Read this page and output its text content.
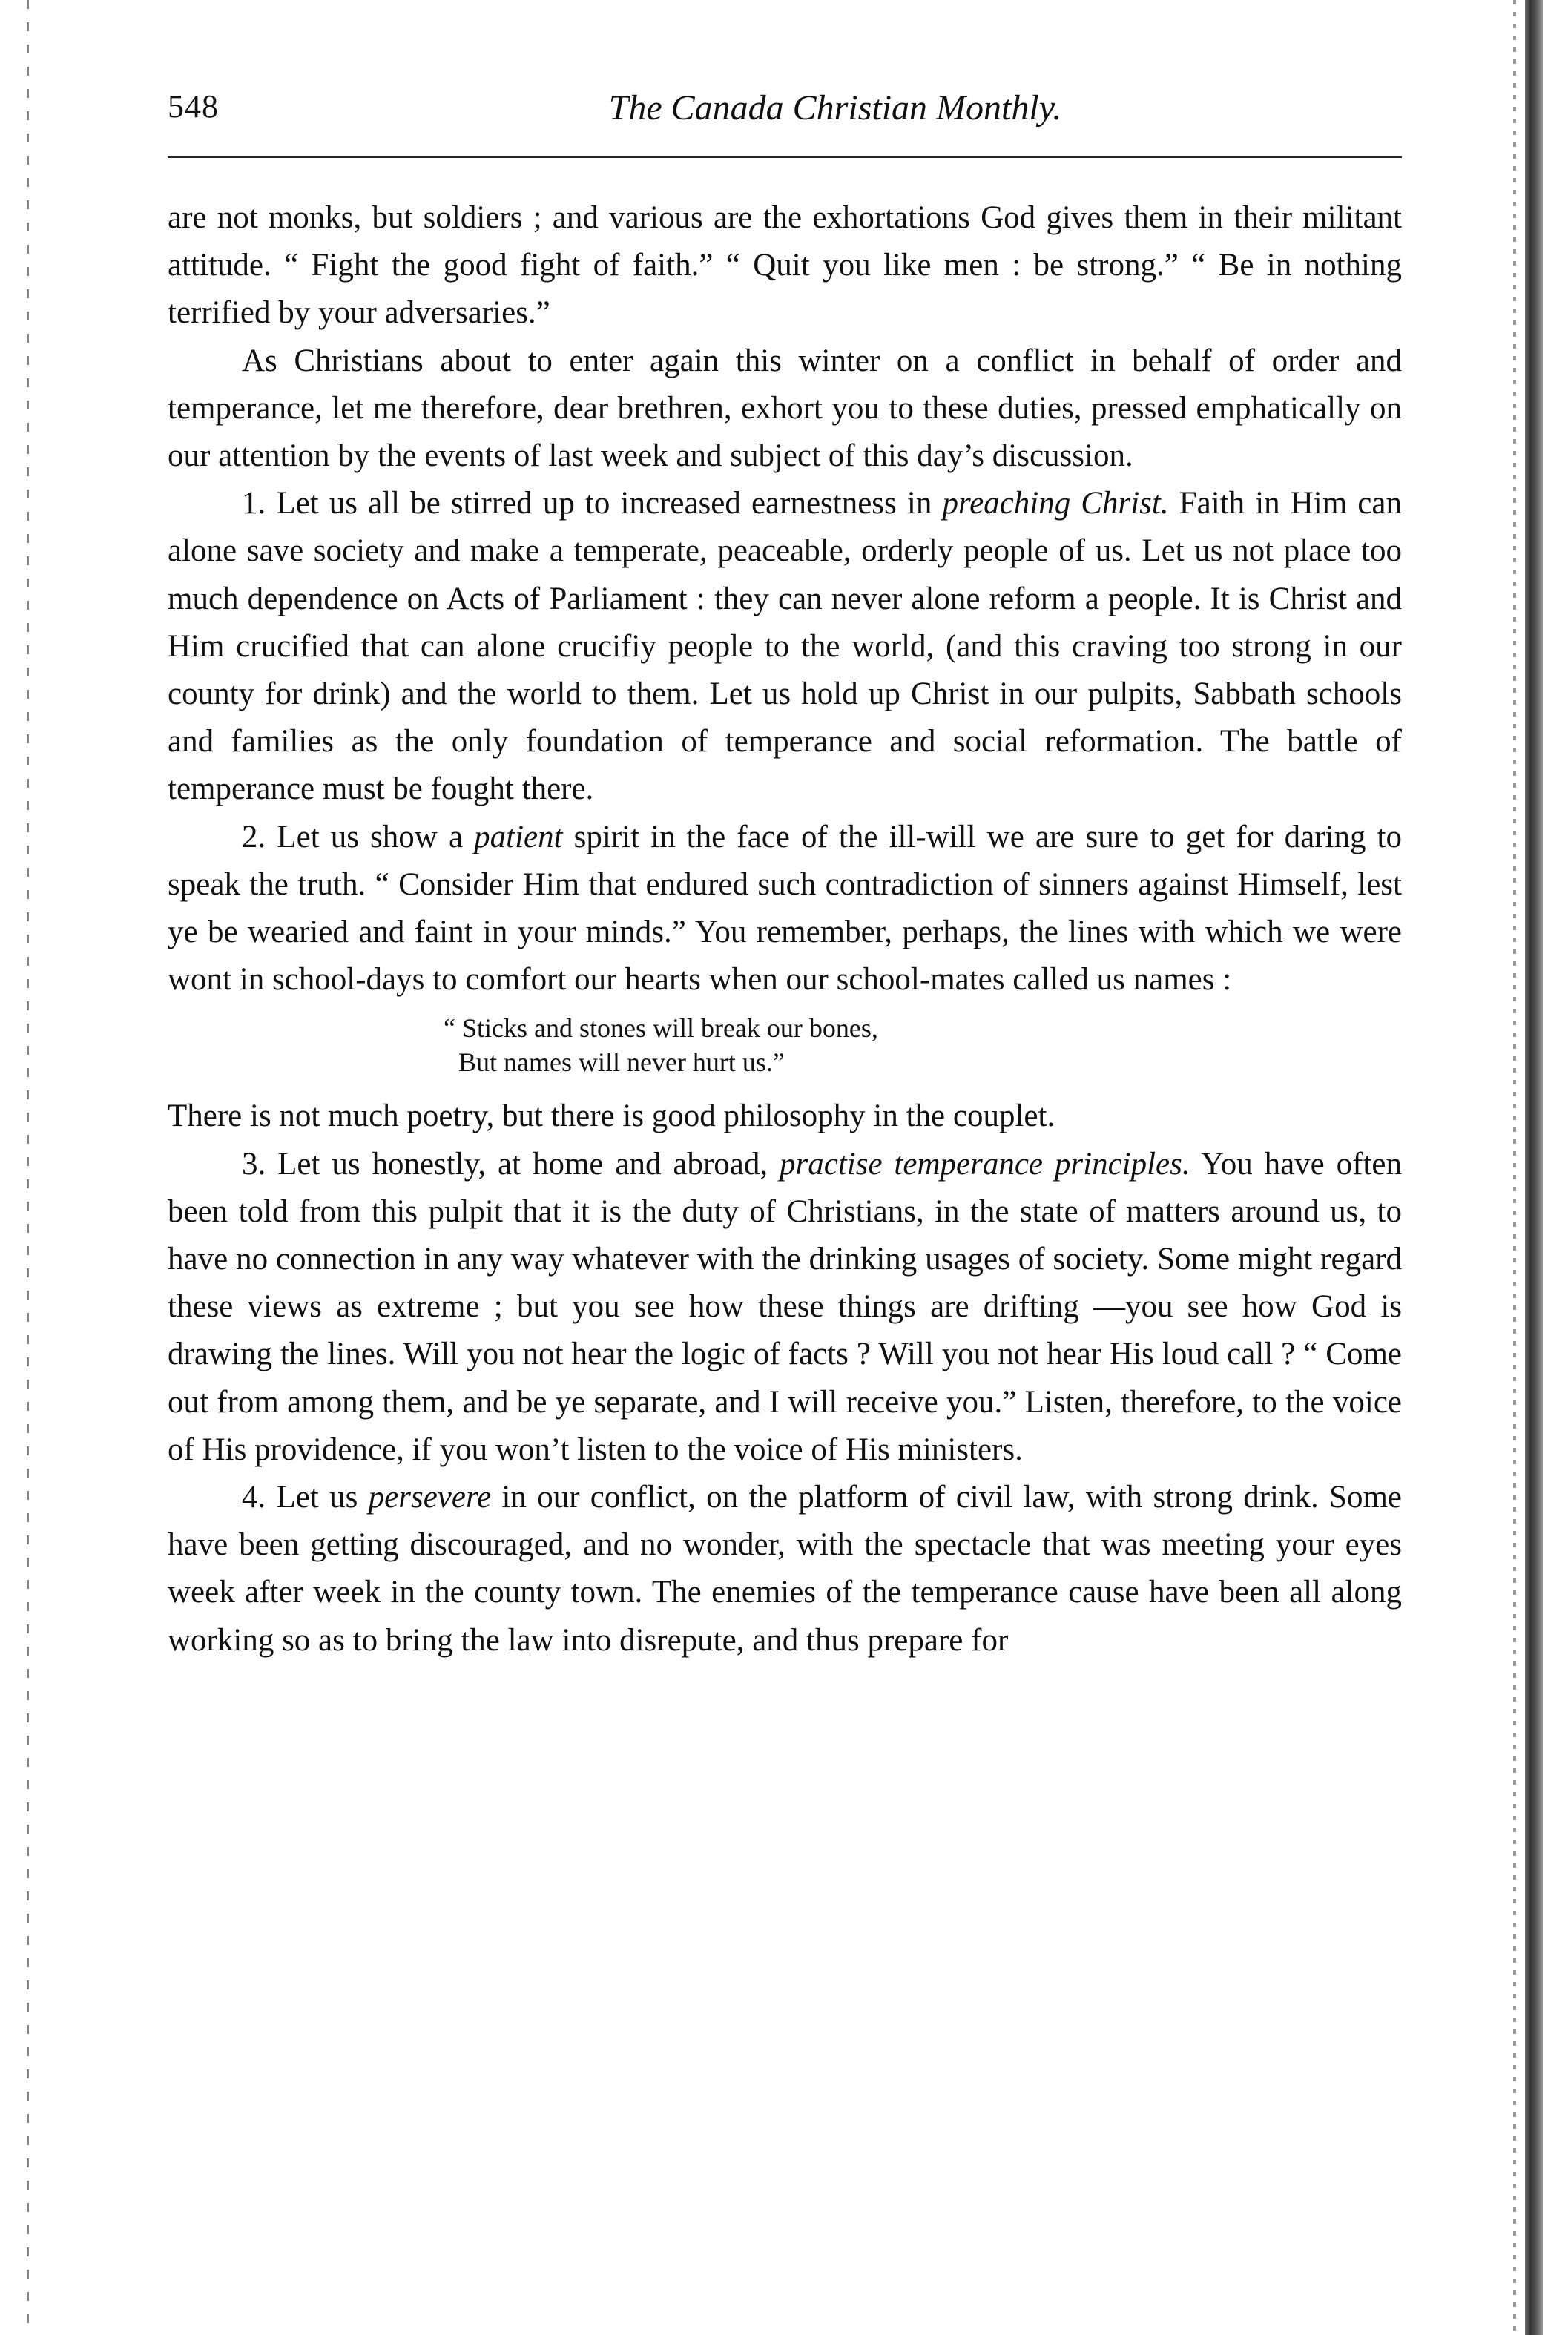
548	The Canada Christian Monthly.

are not monks, but soldiers ; and various are the exhortations God gives them in their militant attitude. “ Fight the good fight of faith.” “ Quit you like men : be strong.” “ Be in nothing terrified by your adversaries.”

As Christians about to enter again this winter on a conflict in behalf of order and temperance, let me therefore, dear brethren, exhort you to these duties, pressed emphatically on our attention by the events of last week and subject of this day’s discussion.

1. Let us all be stirred up to increased earnestness in preaching Christ. Faith in Him can alone save society and make a temperate, peaceable, orderly people of us. Let us not place too much dependence on Acts of Parliament : they can never alone reform a people. It is Christ and Him crucified that can alone crucifiy people to the world, (and this craving too strong in our county for drink) and the world to them. Let us hold up Christ in our pulpits, Sabbath schools and families as the only foundation of temperance and social reformation. The battle of temperance must be fought there.

2. Let us show a patient spirit in the face of the ill-will we are sure to get for daring to speak the truth. “ Consider Him that endured such contradiction of sinners against Himself, lest ye be wearied and faint in your minds.” You remember, perhaps, the lines with which we were wont in school-days to comfort our hearts when our school-mates called us names :

“ Sticks and stones will break our bones,
But names will never hurt us.”

There is not much poetry, but there is good philosophy in the couplet.

3. Let us honestly, at home and abroad, practise temperance principles. You have often been told from this pulpit that it is the duty of Christians, in the state of matters around us, to have no connection in any way whatever with the drinking usages of society. Some might regard these views as extreme ; but you see how these things are drifting —you see how God is drawing the lines. Will you not hear the logic of facts ? Will you not hear His loud call ? “ Come out from among them, and be ye separate, and I will receive you.” Listen, therefore, to the voice of His providence, if you won’t listen to the voice of His ministers.

4. Let us persevere in our conflict, on the platform of civil law, with strong drink. Some have been getting discouraged, and no wonder, with the spectacle that was meeting your eyes week after week in the county town. The enemies of the temperance cause have been all along working so as to bring the law into disrepute, and thus prepare for
